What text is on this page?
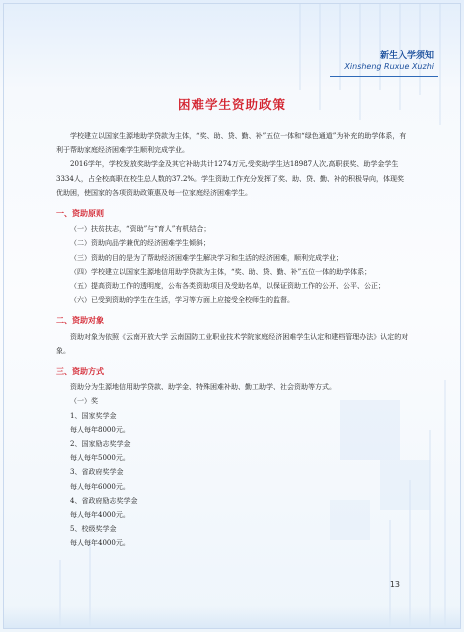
新生入学须知
Xinsheng Ruxue Xuzhi
困难学生资助政策

学校建立以国家生源地助学贷款为主体，“奖、助、贷、勤、补”五位一体和“绿色通道”为补充的助学体系，有利于帮助家庭经济困难学生顺利完成学业。

2016学年，学校发放奖助学金及其它补助共计1274万元,受奖助学生达18987人次,高职获奖、助学金学生3334人，占全校高职在校生总人数的37.2%。学生资助工作充分发挥了奖、助、贷、勤、补的积极导向，体现奖优助困，使国家的各项资助政策惠及每一位家庭经济困难学生。

一、资助原则

（一）扶贫扶志，“资助”与“育人”有机结合；

（二）资助向品学兼优的经济困难学生倾斜；

（三）资助的目的是为了帮助经济困难学生解决学习和生活的经济困难，顺利完成学业；

（四）学校建立以国家生源地信用助学贷款为主体，“奖、助、贷、勤、补”五位一体的助学体系；

（五）提高资助工作的透明度，公布各类资助项目及受助名单，以保证资助工作的公开、公平、公正；

（六）已受到资助的学生在生活，学习等方面上应接受全校师生的监督。

二、资助对象

资助对象为依照《云南开放大学 云南国防工业职业技术学院家庭经济困难学生认定和建档管理办法》认定的对象。

三、资助方式

资助分为生源地信用助学贷款、助学金、特殊困难补助、勤工助学、社会资助等方式。

（一）奖

1、国家奖学金

每人每年8000元。

2、国家励志奖学金

每人每年5000元。

3、省政府奖学金

每人每年6000元。

4、省政府励志奖学金

每人每年4000元。

5、校级奖学金

每人每年4000元。

13
